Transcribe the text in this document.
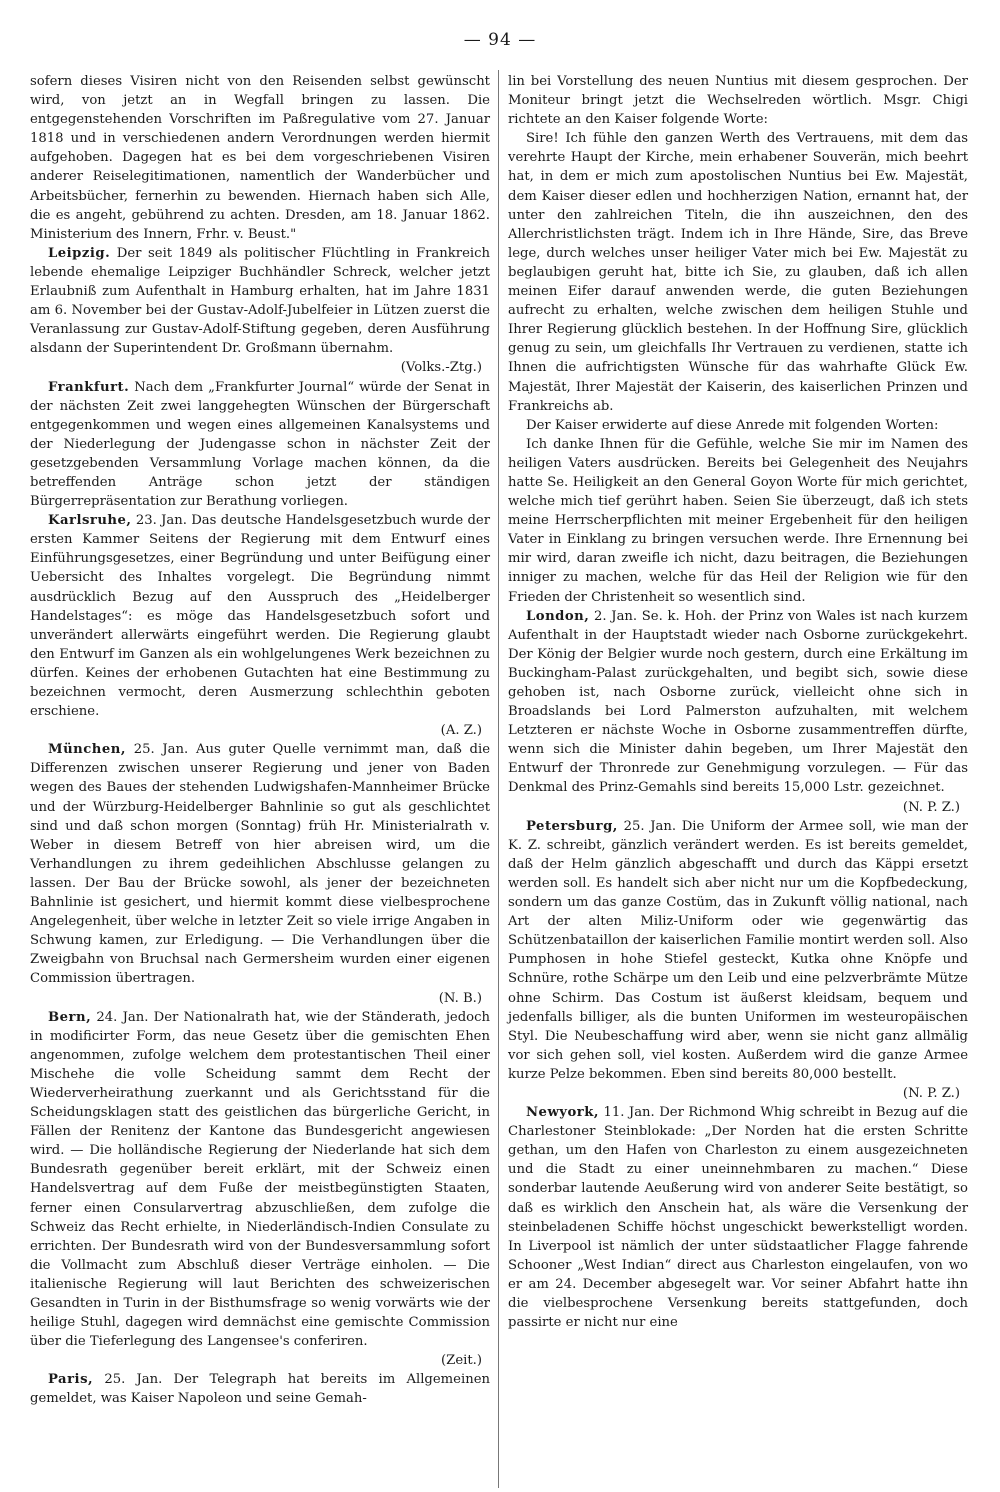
— 94 —

sofern dieses Visiren nicht von den Reisenden selbst gewünscht wird, von jetzt an in Wegfall bringen zu lassen. Die entgegenstehenden Vorschriften im Paßregulative vom 27. Januar 1818 und in verschiedenen andern Verordnungen werden hiermit aufgehoben. Dagegen hat es bei dem vorgeschriebenen Visiren anderer Reiselegitimationen, namentlich der Wanderbücher und Arbeitsbücher, fernerhin zu bewenden. Hiernach haben sich Alle, die es angeht, gebührend zu achten. Dresden, am 18. Januar 1862. Ministerium des Innern, Frhr. v. Beust."

Leipzig. Der seit 1849 als politischer Flüchtling in Frankreich lebende ehemalige Leipziger Buchhändler Schreck, welcher jetzt Erlaubniß zum Aufenthalt in Hamburg erhalten, hat im Jahre 1831 am 6. November bei der Gustav-Adolf-Jubelfeier in Lützen zuerst die Veranlassung zur Gustav-Adolf-Stiftung gegeben, deren Ausführung alsdann der Superintendent Dr. Großmann übernahm.
(Volks.-Ztg.)

Frankfurt. Nach dem „Frankfurter Journal“ würde der Senat in der nächsten Zeit zwei langgehegten Wünschen der Bürgerschaft entgegenkommen und wegen eines allgemeinen Kanalsystems und der Niederlegung der Judengasse schon in nächster Zeit der gesetzgebenden Versammlung Vorlage machen können, da die betreffenden Anträge schon jetzt der ständigen Bürgerrepräsentation zur Berathung vorliegen.

Karlsruhe, 23. Jan. Das deutsche Handelsgesetzbuch wurde der ersten Kammer Seitens der Regierung mit dem Entwurf eines Einführungsgesetzes, einer Begründung und unter Beifügung einer Uebersicht des Inhaltes vorgelegt. Die Begründung nimmt ausdrücklich Bezug auf den Ausspruch des „Heidelberger Handelstages“: es möge das Handelsgesetzbuch sofort und unverändert allerwärts eingeführt werden. Die Regierung glaubt den Entwurf im Ganzen als ein wohlgelungenes Werk bezeichnen zu dürfen. Keines der erhobenen Gutachten hat eine Bestimmung zu bezeichnen vermocht, deren Ausmerzung schlechthin geboten erschiene.
(A. Z.)

München, 25. Jan. Aus guter Quelle vernimmt man, daß die Differenzen zwischen unserer Regierung und jener von Baden wegen des Baues der stehenden Ludwigshafen-Mannheimer Brücke und der Würzburg-Heidelberger Bahnlinie so gut als geschlichtet sind und daß schon morgen (Sonntag) früh Hr. Ministerialrath v. Weber in diesem Betreff von hier abreisen wird, um die Verhandlungen zu ihrem gedeihlichen Abschlusse gelangen zu lassen. Der Bau der Brücke sowohl, als jener der bezeichneten Bahnlinie ist gesichert, und hiermit kommt diese vielbesprochene Angelegenheit, über welche in letzter Zeit so viele irrige Angaben in Schwung kamen, zur Erledigung. — Die Verhandlungen über die Zweigbahn von Bruchsal nach Germersheim wurden einer eigenen Commission übertragen.
(N. B.)

Bern, 24. Jan. Der Nationalrath hat, wie der Ständerath, jedoch in modificirter Form, das neue Gesetz über die gemischten Ehen angenommen, zufolge welchem dem protestantischen Theil einer Mischehe die volle Scheidung sammt dem Recht der Wiederverheirathung zuerkannt und als Gerichtsstand für die Scheidungsklagen statt des geistlichen das bürgerliche Gericht, in Fällen der Renitenz der Kantone das Bundesgericht angewiesen wird. — Die holländische Regierung der Niederlande hat sich dem Bundesrath gegenüber bereit erklärt, mit der Schweiz einen Handelsvertrag auf dem Fuße der meistbegünstigten Staaten, ferner einen Consularvertrag abzuschließen, dem zufolge die Schweiz das Recht erhielte, in Niederländisch-Indien Consulate zu errichten. Der Bundesrath wird von der Bundesversammlung sofort die Vollmacht zum Abschluß dieser Verträge einholen. — Die italienische Regierung will laut Berichten des schweizerischen Gesandten in Turin in der Bisthumsfrage so wenig vorwärts wie der heilige Stuhl, dagegen wird demnächst eine gemischte Commission über die Tieferlegung des Langensee's conferiren.
(Zeit.)

Paris, 25. Jan. Der Telegraph hat bereits im Allgemeinen gemeldet, was Kaiser Napoleon und seine Gemah-

lin bei Vorstellung des neuen Nuntius mit diesem gesprochen. Der Moniteur bringt jetzt die Wechselreden wörtlich. Msgr. Chigi richtete an den Kaiser folgende Worte:

Sire! Ich fühle den ganzen Werth des Vertrauens, mit dem das verehrte Haupt der Kirche, mein erhabener Souverän, mich beehrt hat, in dem er mich zum apostolischen Nuntius bei Ew. Majestät, dem Kaiser dieser edlen und hochherzigen Nation, ernannt hat, der unter den zahlreichen Titeln, die ihn auszeichnen, den des Allerchristlichsten trägt. Indem ich in Ihre Hände, Sire, das Breve lege, durch welches unser heiliger Vater mich bei Ew. Majestät zu beglaubigen geruht hat, bitte ich Sie, zu glauben, daß ich allen meinen Eifer darauf anwenden werde, die guten Beziehungen aufrecht zu erhalten, welche zwischen dem heiligen Stuhle und Ihrer Regierung glücklich bestehen. In der Hoffnung Sire, glücklich genug zu sein, um gleichfalls Ihr Vertrauen zu verdienen, statte ich Ihnen die aufrichtigsten Wünsche für das wahrhafte Glück Ew. Majestät, Ihrer Majestät der Kaiserin, des kaiserlichen Prinzen und Frankreichs ab.

Der Kaiser erwiderte auf diese Anrede mit folgenden Worten:

Ich danke Ihnen für die Gefühle, welche Sie mir im Namen des heiligen Vaters ausdrücken. Bereits bei Gelegenheit des Neujahrs hatte Se. Heiligkeit an den General Goyon Worte für mich gerichtet, welche mich tief gerührt haben. Seien Sie überzeugt, daß ich stets meine Herrscherpflichten mit meiner Ergebenheit für den heiligen Vater in Einklang zu bringen versuchen werde. Ihre Ernennung bei mir wird, daran zweifle ich nicht, dazu beitragen, die Beziehungen inniger zu machen, welche für das Heil der Religion wie für den Frieden der Christenheit so wesentlich sind.

London, 2. Jan. Se. k. Hoh. der Prinz von Wales ist nach kurzem Aufenthalt in der Hauptstadt wieder nach Osborne zurückgekehrt. Der König der Belgier wurde noch gestern, durch eine Erkältung im Buckingham-Palast zurückgehalten, und begibt sich, sowie diese gehoben ist, nach Osborne zurück, vielleicht ohne sich in Broadslands bei Lord Palmerston aufzuhalten, mit welchem Letzteren er nächste Woche in Osborne zusammentreffen dürfte, wenn sich die Minister dahin begeben, um Ihrer Majestät den Entwurf der Thronrede zur Genehmigung vorzulegen. — Für das Denkmal des Prinz-Gemahls sind bereits 15,000 Lstr. gezeichnet.
(N. P. Z.)

Petersburg, 25. Jan. Die Uniform der Armee soll, wie man der K. Z. schreibt, gänzlich verändert werden. Es ist bereits gemeldet, daß der Helm gänzlich abgeschafft und durch das Käppi ersetzt werden soll. Es handelt sich aber nicht nur um die Kopfbedeckung, sondern um das ganze Costüm, das in Zukunft völlig national, nach Art der alten Miliz-Uniform oder wie gegenwärtig das Schützenbataillon der kaiserlichen Familie montirt werden soll. Also Pumphosen in hohe Stiefel gesteckt, Kutka ohne Knöpfe und Schnüre, rothe Schärpe um den Leib und eine pelzverbrämte Mütze ohne Schirm. Das Costum ist äußerst kleidsam, bequem und jedenfalls billiger, als die bunten Uniformen im westeuropäischen Styl. Die Neubeschaffung wird aber, wenn sie nicht ganz allmälig vor sich gehen soll, viel kosten. Außerdem wird die ganze Armee kurze Pelze bekommen. Eben sind bereits 80,000 bestellt.
(N. P. Z.)

Newyork, 11. Jan. Der Richmond Whig schreibt in Bezug auf die Charlestoner Steinblokade: „Der Norden hat die ersten Schritte gethan, um den Hafen von Charleston zu einem ausgezeichneten und die Stadt zu einer uneinnehmbaren zu machen.“ Diese sonderbar lautende Aeußerung wird von anderer Seite bestätigt, so daß es wirklich den Anschein hat, als wäre die Versenkung der steinbeladenen Schiffe höchst ungeschickt bewerkstelligt worden. In Liverpool ist nämlich der unter südstaatlicher Flagge fahrende Schooner „West Indian“ direct aus Charleston eingelaufen, von wo er am 24. December abgesegelt war. Vor seiner Abfahrt hatte ihn die vielbesprochene Versenkung bereits stattgefunden, doch passirte er nicht nur eine
